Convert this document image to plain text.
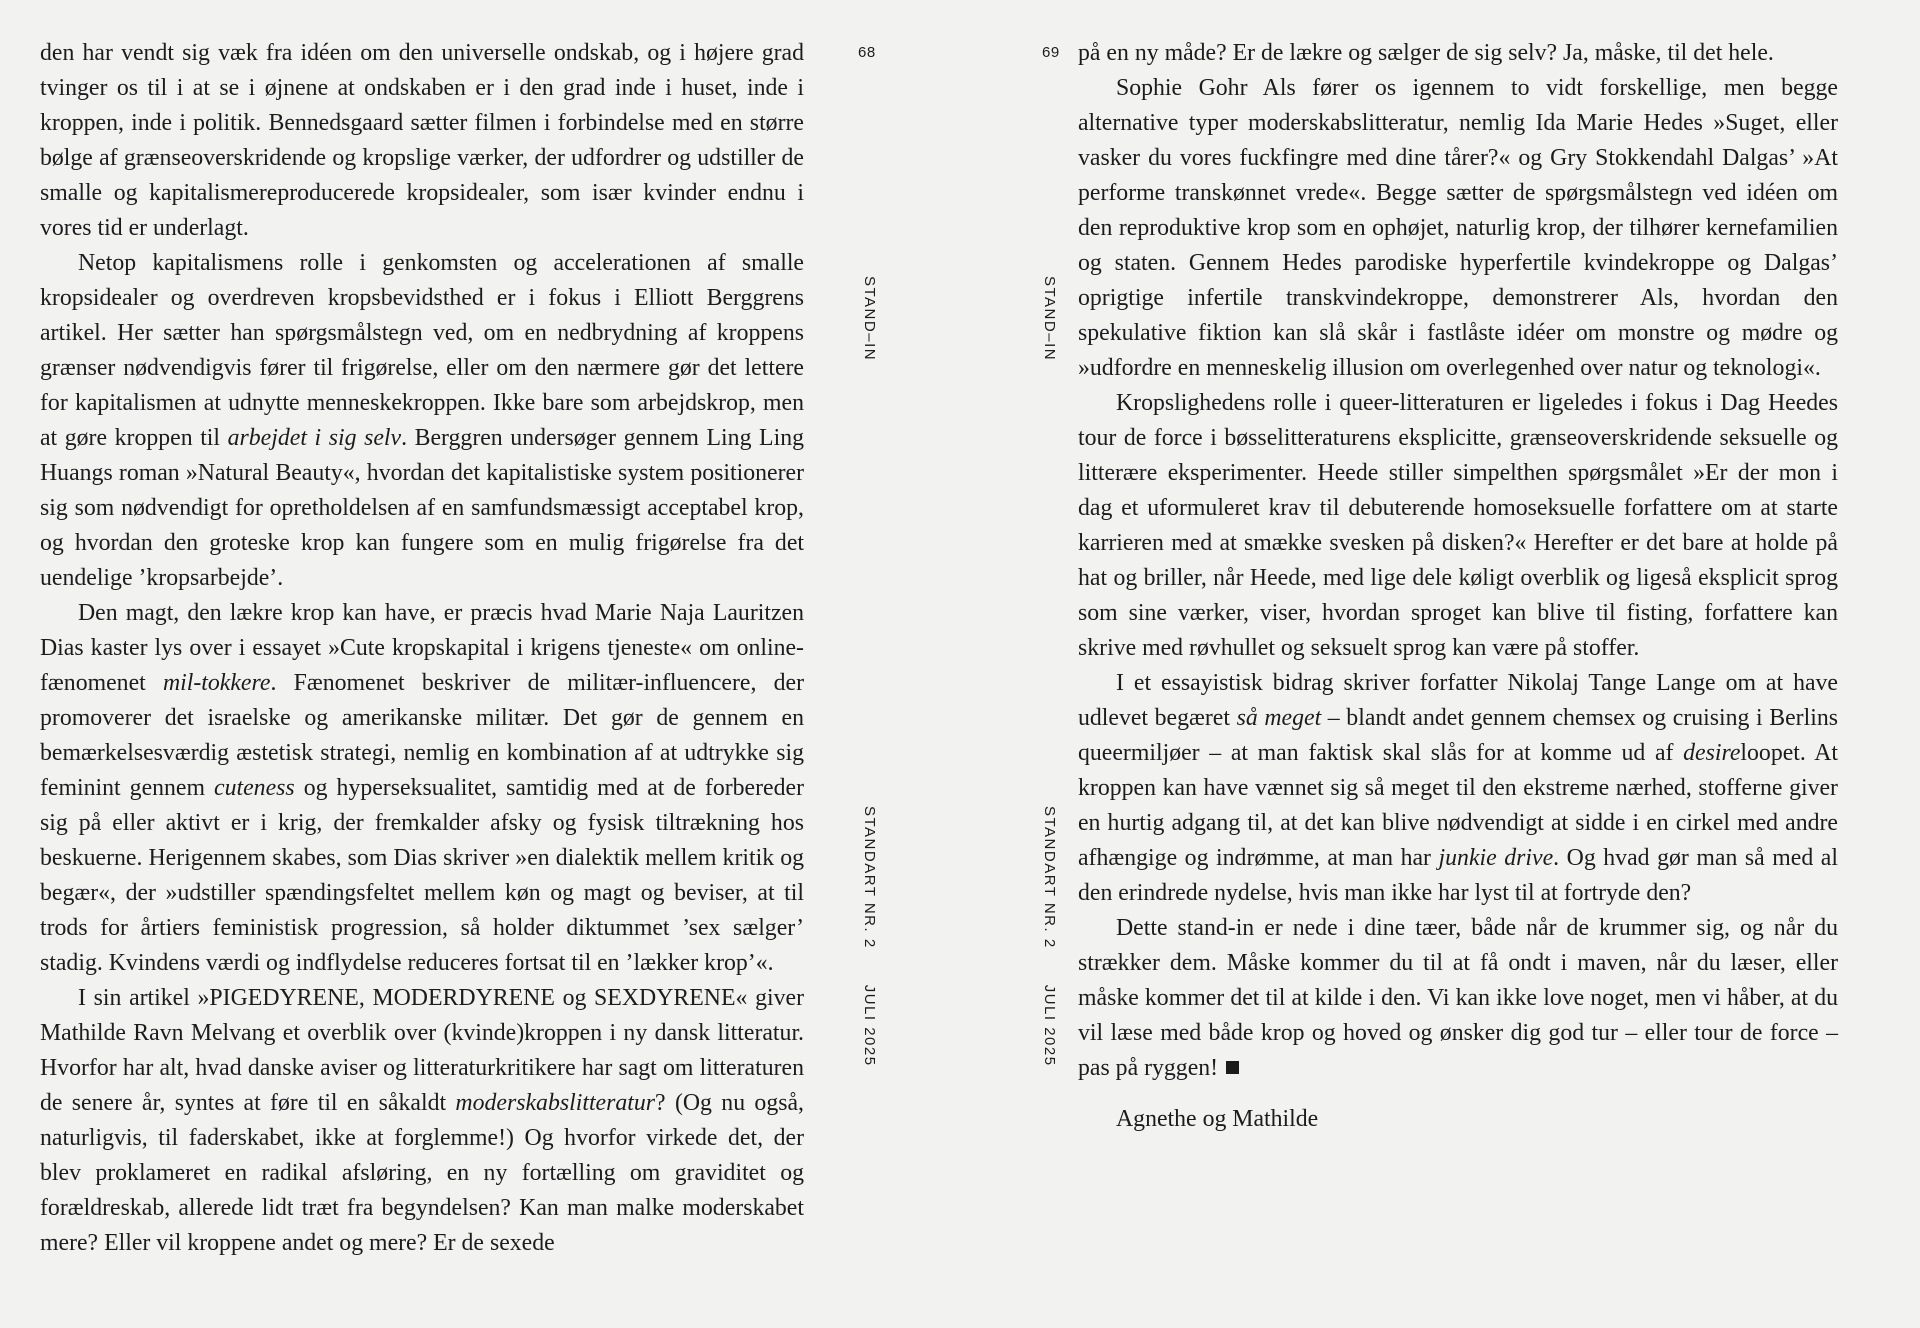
den har vendt sig væk fra idéen om den universelle ondskab, og i højere grad tvinger os til i at se i øjnene at ondskaben er i den grad inde i huset, inde i kroppen, inde i politik. Bennedsgaard sætter filmen i forbindelse med en større bølge af grænseoverskridende og kropslige værker, der udfordrer og udstiller de smalle og kapitalismereproducerede kropsidealer, som især kvinder endnu i vores tid er underlagt.

Netop kapitalismens rolle i genkomsten og accelerationen af smalle kropsidealer og overdreven kropsbevidsthed er i fokus i Elliott Berggrens artikel. Her sætter han spørgsmålstegn ved, om en nedbrydning af kroppens grænser nødvendigvis fører til frigørelse, eller om den nærmere gør det lettere for kapitalismen at udnytte menneskekroppen. Ikke bare som arbejdskrop, men at gøre kroppen til arbejdet i sig selv. Berggren undersøger gennem Ling Ling Huangs roman »Natural Beauty«, hvordan det kapitalistiske system positionerer sig som nødvendigt for opretholdelsen af en samfundsmæssigt acceptabel krop, og hvordan den groteske krop kan fungere som en mulig frigørelse fra det uendelige ’kropsarbejde’.

Den magt, den lækre krop kan have, er præcis hvad Marie Naja Lauritzen Dias kaster lys over i essayet »Cute kropskapital i krigens tjeneste« om online-fænomenet mil-tokkere. Fænomenet beskriver de militær-influencere, der promoverer det israelske og amerikanske militær. Det gør de gennem en bemærkelsesværdig æstetisk strategi, nemlig en kombination af at udtrykke sig feminint gennem cuteness og hyperseksualitet, samtidig med at de forbereder sig på eller aktivt er i krig, der fremkalder afsky og fysisk tiltrækning hos beskuerne. Herigennem skabes, som Dias skriver »en dialektik mellem kritik og begær«, der »udstiller spændingsfeltet mellem køn og magt og beviser, at til trods for årtiers feministisk progression, så holder diktummet ’sex sælger’ stadig. Kvindens værdi og indflydelse reduceres fortsat til en ’lækker krop’«.

I sin artikel »PIGEDYRENE, MODERDYRENE og SEXDYRENE« giver Mathilde Ravn Melvang et overblik over (kvinde)kroppen i ny dansk litteratur. Hvorfor har alt, hvad danske aviser og litteraturkritikere har sagt om litteraturen de senere år, syntes at føre til en såkaldt moderskabslitteratur? (Og nu også, naturligvis, til faderskabet, ikke at forglemme!) Og hvorfor virkede det, der blev proklameret en radikal afsløring, en ny fortælling om graviditet og forældreskab, allerede lidt træt fra begyndelsen? Kan man malke moderskabet mere? Eller vil kroppene andet og mere? Er de sexede

68
STAND–IN
STANDART NR. 2JULI 2025
69
STAND–IN
STANDART NR. 2JULI 2025

på en ny måde? Er de lækre og sælger de sig selv? Ja, måske, til det hele.

Sophie Gohr Als fører os igennem to vidt forskellige, men begge alternative typer moderskabslitteratur, nemlig Ida Marie Hedes »Suget, eller vasker du vores fuckfingre med dine tårer?« og Gry Stokkendahl Dalgas’ »At performe transkønnet vrede«. Begge sætter de spørgsmålstegn ved idéen om den reproduktive krop som en ophøjet, naturlig krop, der tilhører kernefamilien og staten. Gennem Hedes parodiske hyperfertile kvindekroppe og Dalgas’ oprigtige infertile transkvindekroppe, demonstrerer Als, hvordan den spekulative fiktion kan slå skår i fastlåste idéer om monstre og mødre og »udfordre en menneskelig illusion om overlegenhed over natur og teknologi«.

Kropslighedens rolle i queer-litteraturen er ligeledes i fokus i Dag Heedes tour de force i bøsselitteraturens eksplicitte, grænseoverskridende seksuelle og litterære eksperimenter. Heede stiller simpelthen spørgsmålet »Er der mon i dag et uformuleret krav til debuterende homoseksuelle forfattere om at starte karrieren med at smække svesken på disken?« Herefter er det bare at holde på hat og briller, når Heede, med lige dele køligt overblik og ligeså eksplicit sprog som sine værker, viser, hvordan sproget kan blive til fisting, forfattere kan skrive med røvhullet og seksuelt sprog kan være på stoffer.

I et essayistisk bidrag skriver forfatter Nikolaj Tange Lange om at have udlevet begæret så meget – blandt andet gennem chemsex og cruising i Berlins queermiljøer – at man faktisk skal slås for at komme ud af desireloopet. At kroppen kan have vænnet sig så meget til den ekstreme nærhed, stofferne giver en hurtig adgang til, at det kan blive nødvendigt at sidde i en cirkel med andre afhængige og indrømme, at man har junkie drive. Og hvad gør man så med al den erindrede nydelse, hvis man ikke har lyst til at fortryde den?

Dette stand-in er nede i dine tæer, både når de krummer sig, og når du strækker dem. Måske kommer du til at få ondt i maven, når du læser, eller måske kommer det til at kilde i den. Vi kan ikke love noget, men vi håber, at du vil læse med både krop og hoved og ønsker dig god tur – eller tour de force – pas på ryggen!

Agnethe og Mathilde
